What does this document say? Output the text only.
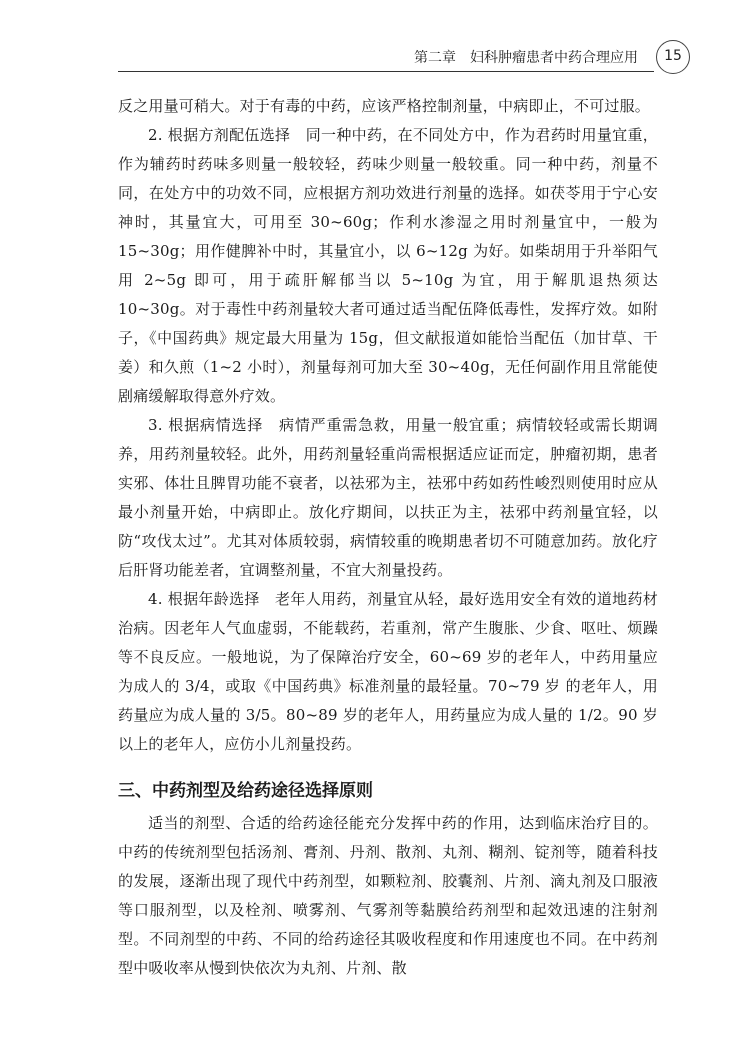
第二章　妇科肿瘤患者中药合理应用	15

反之用量可稍大。对于有毒的中药，应该严格控制剂量，中病即止，不可过服。

2. 根据方剂配伍选择　同一种中药，在不同处方中，作为君药时用量宜重，作为辅药时药味多则量一般较轻，药味少则量一般较重。同一种中药，剂量不同，在处方中的功效不同，应根据方剂功效进行剂量的选择。如茯苓用于宁心安神时，其量宜大，可用至 30~60g；作利水渗湿之用时剂量宜中，一般为 15~30g；用作健脾补中时，其量宜小，以 6~12g 为好。如柴胡用于升举阳气用 2~5g 即可，用于疏肝解郁当以 5~10g 为宜，用于解肌退热须达 10~30g。对于毒性中药剂量较大者可通过适当配伍降低毒性，发挥疗效。如附子，《中国药典》规定最大用量为 15g，但文献报道如能恰当配伍（加甘草、干姜）和久煎（1~2 小时），剂量每剂可加大至 30~40g，无任何副作用且常能使剧痛缓解取得意外疗效。

3. 根据病情选择　病情严重需急救，用量一般宜重；病情较轻或需长期调养，用药剂量较轻。此外，用药剂量轻重尚需根据适应证而定，肿瘤初期，患者实邪、体壮且脾胃功能不衰者，以祛邪为主，祛邪中药如药性峻烈则使用时应从最小剂量开始，中病即止。放化疗期间，以扶正为主，祛邪中药剂量宜轻，以防“攻伐太过”。尤其对体质较弱，病情较重的晚期患者切不可随意加药。放化疗后肝肾功能差者，宜调整剂量，不宜大剂量投药。

4. 根据年龄选择　老年人用药，剂量宜从轻，最好选用安全有效的道地药材治病。因老年人气血虚弱，不能载药，若重剂，常产生腹胀、少食、呕吐、烦躁等不良反应。一般地说，为了保障治疗安全，60~69 岁的老年人，中药用量应为成人的 3/4，或取《中国药典》标准剂量的最轻量。70~79 岁 的老年人，用药量应为成人量的 3/5。80~89 岁的老年人，用药量应为成人量的 1/2。90 岁以上的老年人，应仿小儿剂量投药。

三、中药剂型及给药途径选择原则

适当的剂型、合适的给药途径能充分发挥中药的作用，达到临床治疗目的。中药的传统剂型包括汤剂、膏剂、丹剂、散剂、丸剂、糊剂、锭剂等，随着科技的发展，逐渐出现了现代中药剂型，如颗粒剂、胶囊剂、片剂、滴丸剂及口服液等口服剂型，以及栓剂、喷雾剂、气雾剂等黏膜给药剂型和起效迅速的注射剂型。不同剂型的中药、不同的给药途径其吸收程度和作用速度也不同。在中药剂型中吸收率从慢到快依次为丸剂、片剂、散
